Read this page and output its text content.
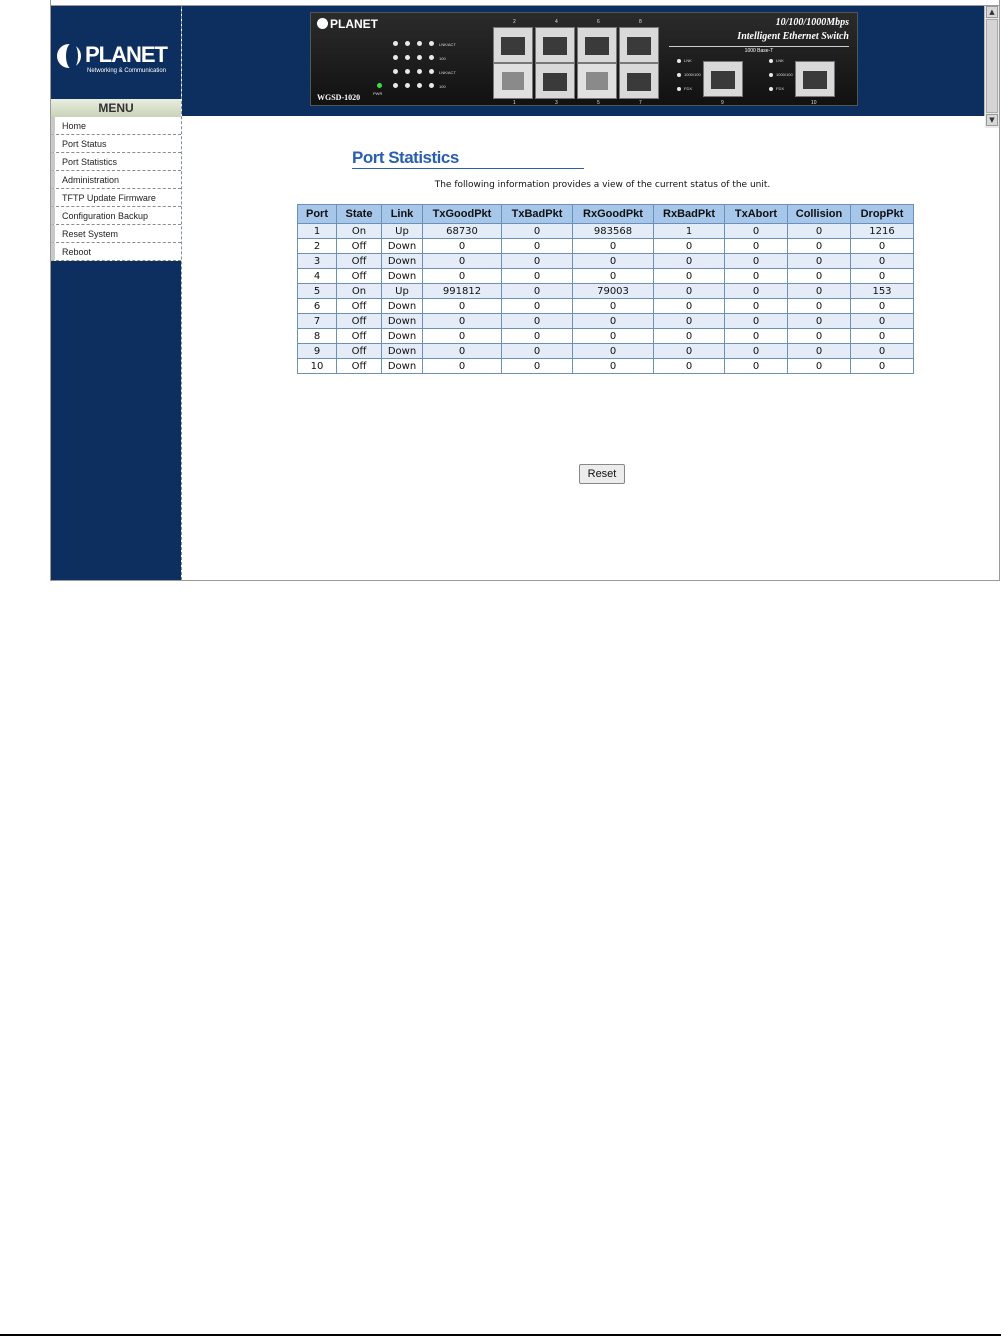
PLANET
Networking & Communication
MENU
Home
Port Status
Port Statistics
Administration
TFTP Update Firmware
Configuration Backup
Reset System
Reboot
PLANET
WGSD-1020
10/100/1000Mbps
Intelligent Ethernet Switch
1000 Base-T
PWR
LNK/ACT
100
LNK/ACT
100
2	4	6	8
1	3	5	7
LNK
1000/100
FDX
9
LNK
1000/100
FDX
10
▲
▼
Port Statistics
The following information provides a view of the current status of the unit.
Port	State	Link	TxGoodPkt	TxBadPkt	RxGoodPkt	RxBadPkt	TxAbort	Collision	DropPkt
1	On	Up	68730	0	983568	1	0	0	1216
2	Off	Down	0	0	0	0	0	0	0
3	Off	Down	0	0	0	0	0	0	0
4	Off	Down	0	0	0	0	0	0	0
5	On	Up	991812	0	79003	0	0	0	153
6	Off	Down	0	0	0	0	0	0	0
7	Off	Down	0	0	0	0	0	0	0
8	Off	Down	0	0	0	0	0	0	0
9	Off	Down	0	0	0	0	0	0	0
10	Off	Down	0	0	0	0	0	0	0
Reset
